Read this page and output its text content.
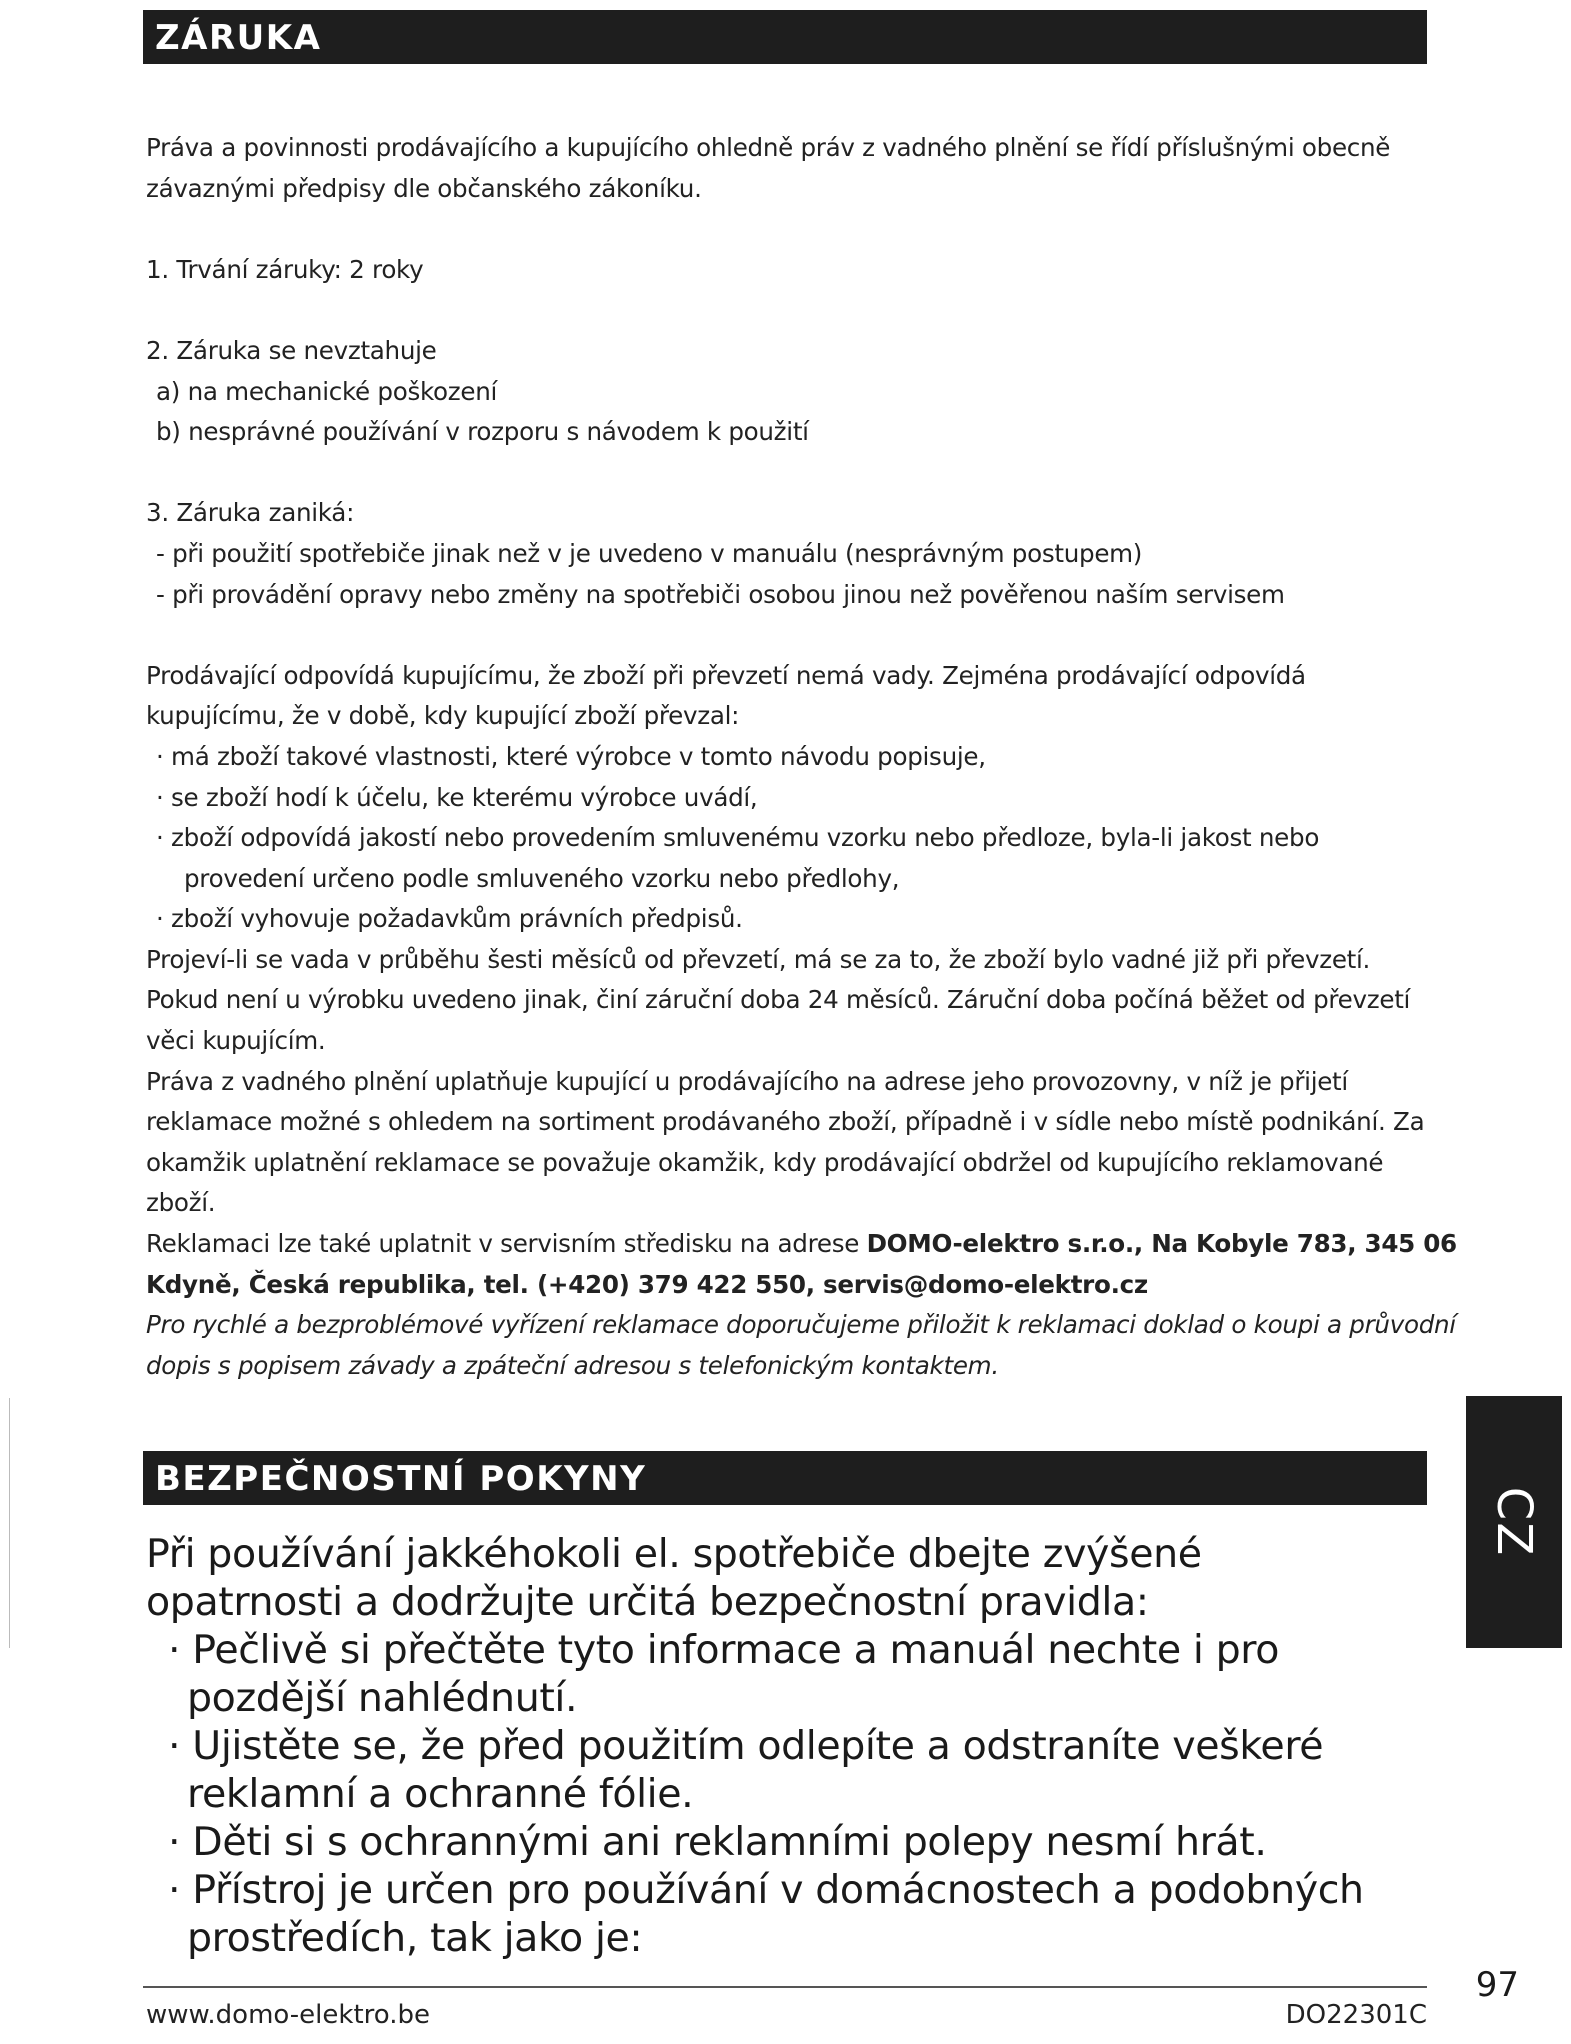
ZÁRUKA
Práva a povinnosti prodávajícího a kupujícího ohledně práv z vadného plnění se řídí příslušnými obecně
závaznými předpisy dle občanského zákoníku.
1. Trvání záruky: 2 roky
2. Záruka se nevztahuje
a) na mechanické poškození
b) nesprávné používání v rozporu s návodem k použití
3. Záruka zaniká:
- při použití spotřebiče jinak než v je uvedeno v manuálu (nesprávným postupem)
- při provádění opravy nebo změny na spotřebiči osobou jinou než pověřenou naším servisem
Prodávající odpovídá kupujícímu, že zboží při převzetí nemá vady. Zejména prodávající odpovídá
kupujícímu, že v době, kdy kupující zboží převzal:
· má zboží takové vlastnosti, které výrobce v tomto návodu popisuje,
· se zboží hodí k účelu, ke kterému výrobce uvádí,
· zboží odpovídá jakostí nebo provedením smluvenému vzorku nebo předloze, byla-li jakost nebo
provedení určeno podle smluveného vzorku nebo předlohy,
· zboží vyhovuje požadavkům právních předpisů.
Projeví-li se vada v průběhu šesti měsíců od převzetí, má se za to, že zboží bylo vadné již při převzetí.
Pokud není u výrobku uvedeno jinak, činí záruční doba 24 měsíců. Záruční doba počíná běžet od převzetí
věci kupujícím.
Práva z vadného plnění uplatňuje kupující u prodávajícího na adrese jeho provozovny, v níž je přijetí
reklamace možné s ohledem na sortiment prodávaného zboží, případně i v sídle nebo místě podnikání. Za
okamžik uplatnění reklamace se považuje okamžik, kdy prodávající obdržel od kupujícího reklamované
zboží.
Reklamaci lze také uplatnit v servisním středisku na adrese DOMO-elektro s.r.o., Na Kobyle 783, 345 06
Kdyně, Česká republika, tel. (+420) 379 422 550, servis@domo-elektro.cz
Pro rychlé a bezproblémové vyřízení reklamace doporučujeme přiložit k reklamaci doklad o koupi a průvodní
dopis s popisem závady a zpáteční adresou s telefonickým kontaktem.
CZ
BEZPEČNOSTNÍ POKYNY
Při používání jakkéhokoli el. spotřebiče dbejte zvýšené
opatrnosti a dodržujte určitá bezpečnostní pravidla:
· Pečlivě si přečtěte tyto informace a manuál nechte i pro
pozdější nahlédnutí.
· Ujistěte se, že před použitím odlepíte a odstraníte veškeré
reklamní a ochranné fólie.
· Děti si s ochrannými ani reklamními polepy nesmí hrát.
· Přístroj je určen pro používání v domácnostech a podobných
prostředích, tak jako je:
97
www.domo-elektro.be	DO22301C
